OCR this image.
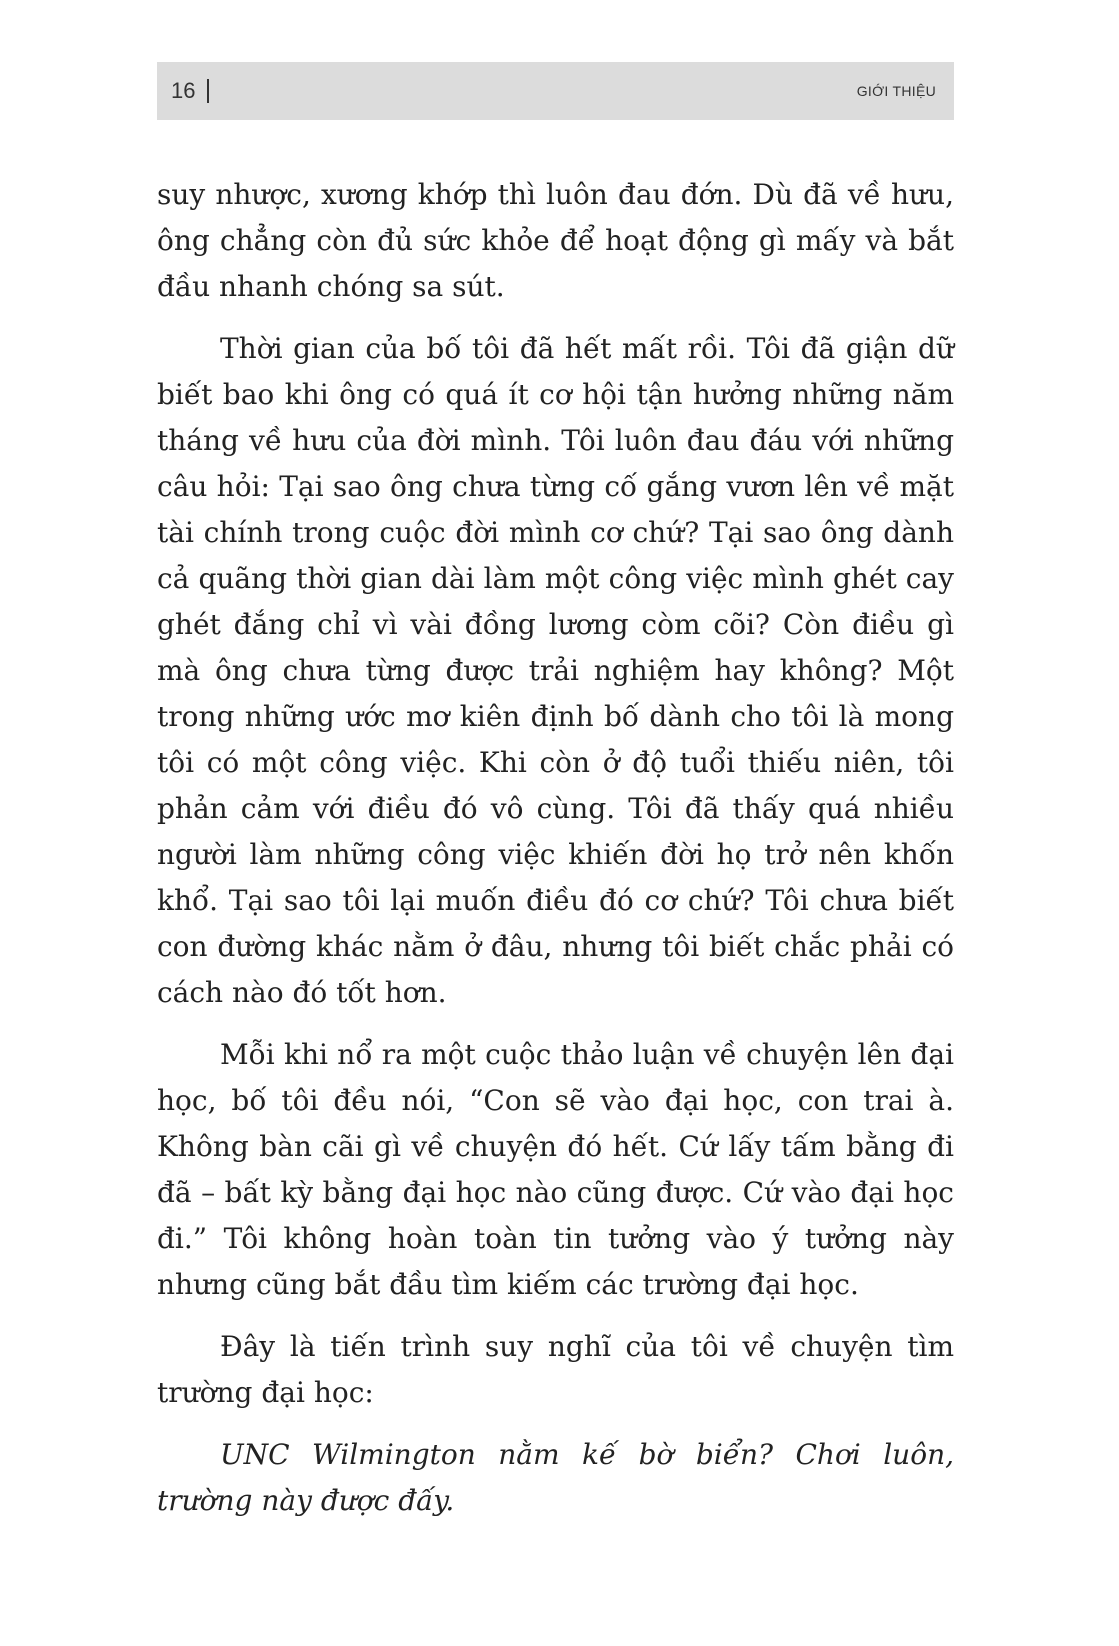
16	GIỚI THIỆU

suy nhược, xương khớp thì luôn đau đớn. Dù đã về hưu, ông chẳng còn đủ sức khỏe để hoạt động gì mấy và bắt đầu nhanh chóng sa sút.

Thời gian của bố tôi đã hết mất rồi. Tôi đã giận dữ biết bao khi ông có quá ít cơ hội tận hưởng những năm tháng về hưu của đời mình. Tôi luôn đau đáu với những câu hỏi: Tại sao ông chưa từng cố gắng vươn lên về mặt tài chính trong cuộc đời mình cơ chứ? Tại sao ông dành cả quãng thời gian dài làm một công việc mình ghét cay ghét đắng chỉ vì vài đồng lương còm cõi? Còn điều gì mà ông chưa từng được trải nghiệm hay không? Một trong những ước mơ kiên định bố dành cho tôi là mong tôi có một công việc. Khi còn ở độ tuổi thiếu niên, tôi phản cảm với điều đó vô cùng. Tôi đã thấy quá nhiều người làm những công việc khiến đời họ trở nên khốn khổ. Tại sao tôi lại muốn điều đó cơ chứ? Tôi chưa biết con đường khác nằm ở đâu, nhưng tôi biết chắc phải có cách nào đó tốt hơn.

Mỗi khi nổ ra một cuộc thảo luận về chuyện lên đại học, bố tôi đều nói, “Con sẽ vào đại học, con trai à. Không bàn cãi gì về chuyện đó hết. Cứ lấy tấm bằng đi đã – bất kỳ bằng đại học nào cũng được. Cứ vào đại học đi.” Tôi không hoàn toàn tin tưởng vào ý tưởng này nhưng cũng bắt đầu tìm kiếm các trường đại học.

Đây là tiến trình suy nghĩ của tôi về chuyện tìm trường đại học:

UNC Wilmington nằm kế bờ biển? Chơi luôn, trường này được đấy.
